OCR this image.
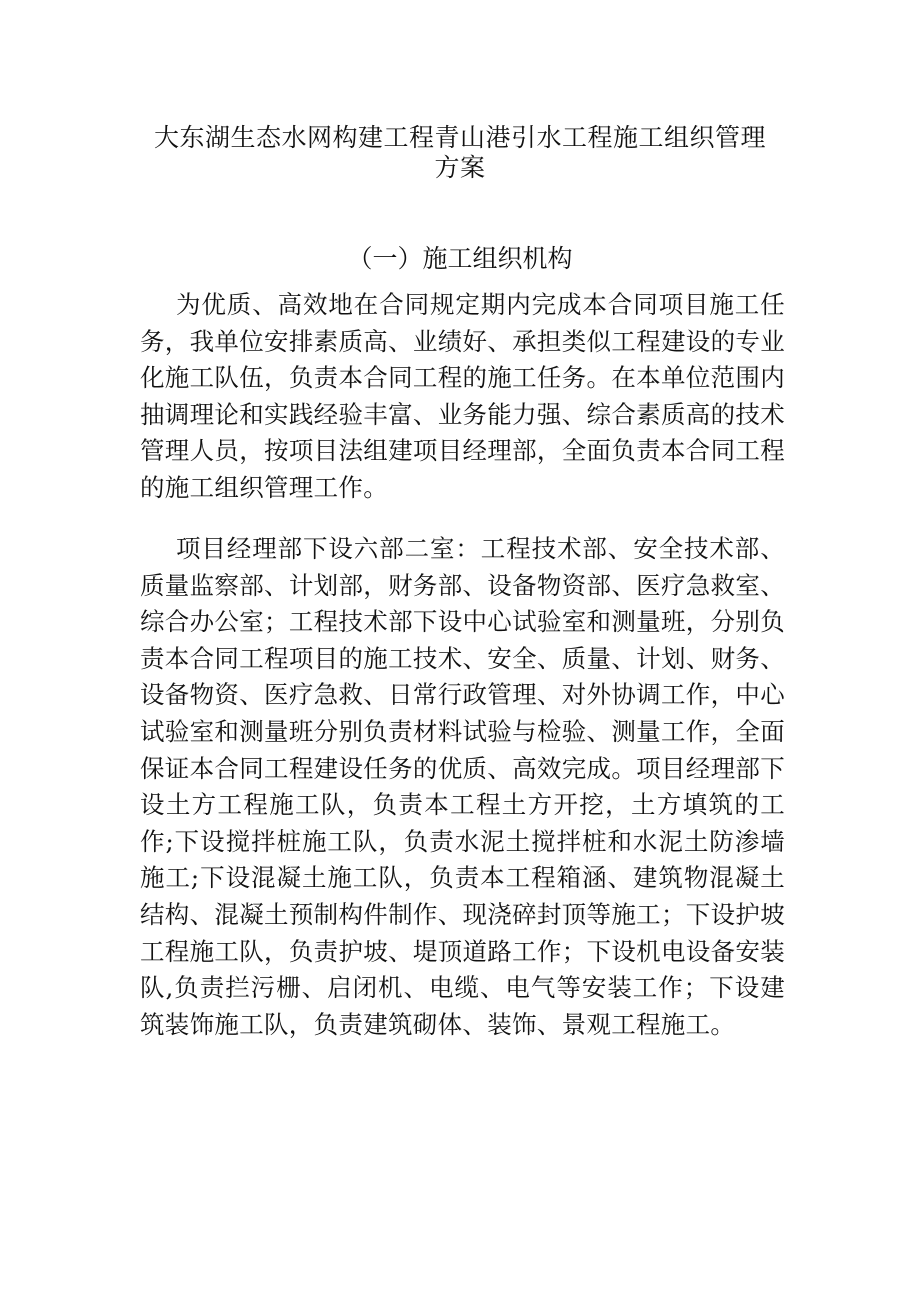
大东湖生态水网构建工程青山港引水工程施工组织管理方案
（一）施工组织机构

为优质、高效地在合同规定期内完成本合同项目施工任务，我单位安排素质高、业绩好、承担类似工程建设的专业化施工队伍，负责本合同工程的施工任务。在本单位范围内抽调理论和实践经验丰富、业务能力强、综合素质高的技术管理人员，按项目法组建项目经理部，全面负责本合同工程的施工组织管理工作。

项目经理部下设六部二室：工程技术部、安全技术部、质量监察部、计划部，财务部、设备物资部、医疗急救室、综合办公室；工程技术部下设中心试验室和测量班，分别负责本合同工程项目的施工技术、安全、质量、计划、财务、设备物资、医疗急救、日常行政管理、对外协调工作，中心试验室和测量班分别负责材料试验与检验、测量工作，全面保证本合同工程建设任务的优质、高效完成。项目经理部下设土方工程施工队，负责本工程土方开挖，土方填筑的工作;下设搅拌桩施工队，负责水泥土搅拌桩和水泥土防渗墙施工;下设混凝土施工队，负责本工程箱涵、建筑物混凝土结构、混凝土预制构件制作、现浇碎封顶等施工；下设护坡工程施工队，负责护坡、堤顶道路工作；下设机电设备安装队,负责拦污栅、启闭机、电缆、电气等安装工作；下设建筑装饰施工队，负责建筑砌体、装饰、景观工程施工。
